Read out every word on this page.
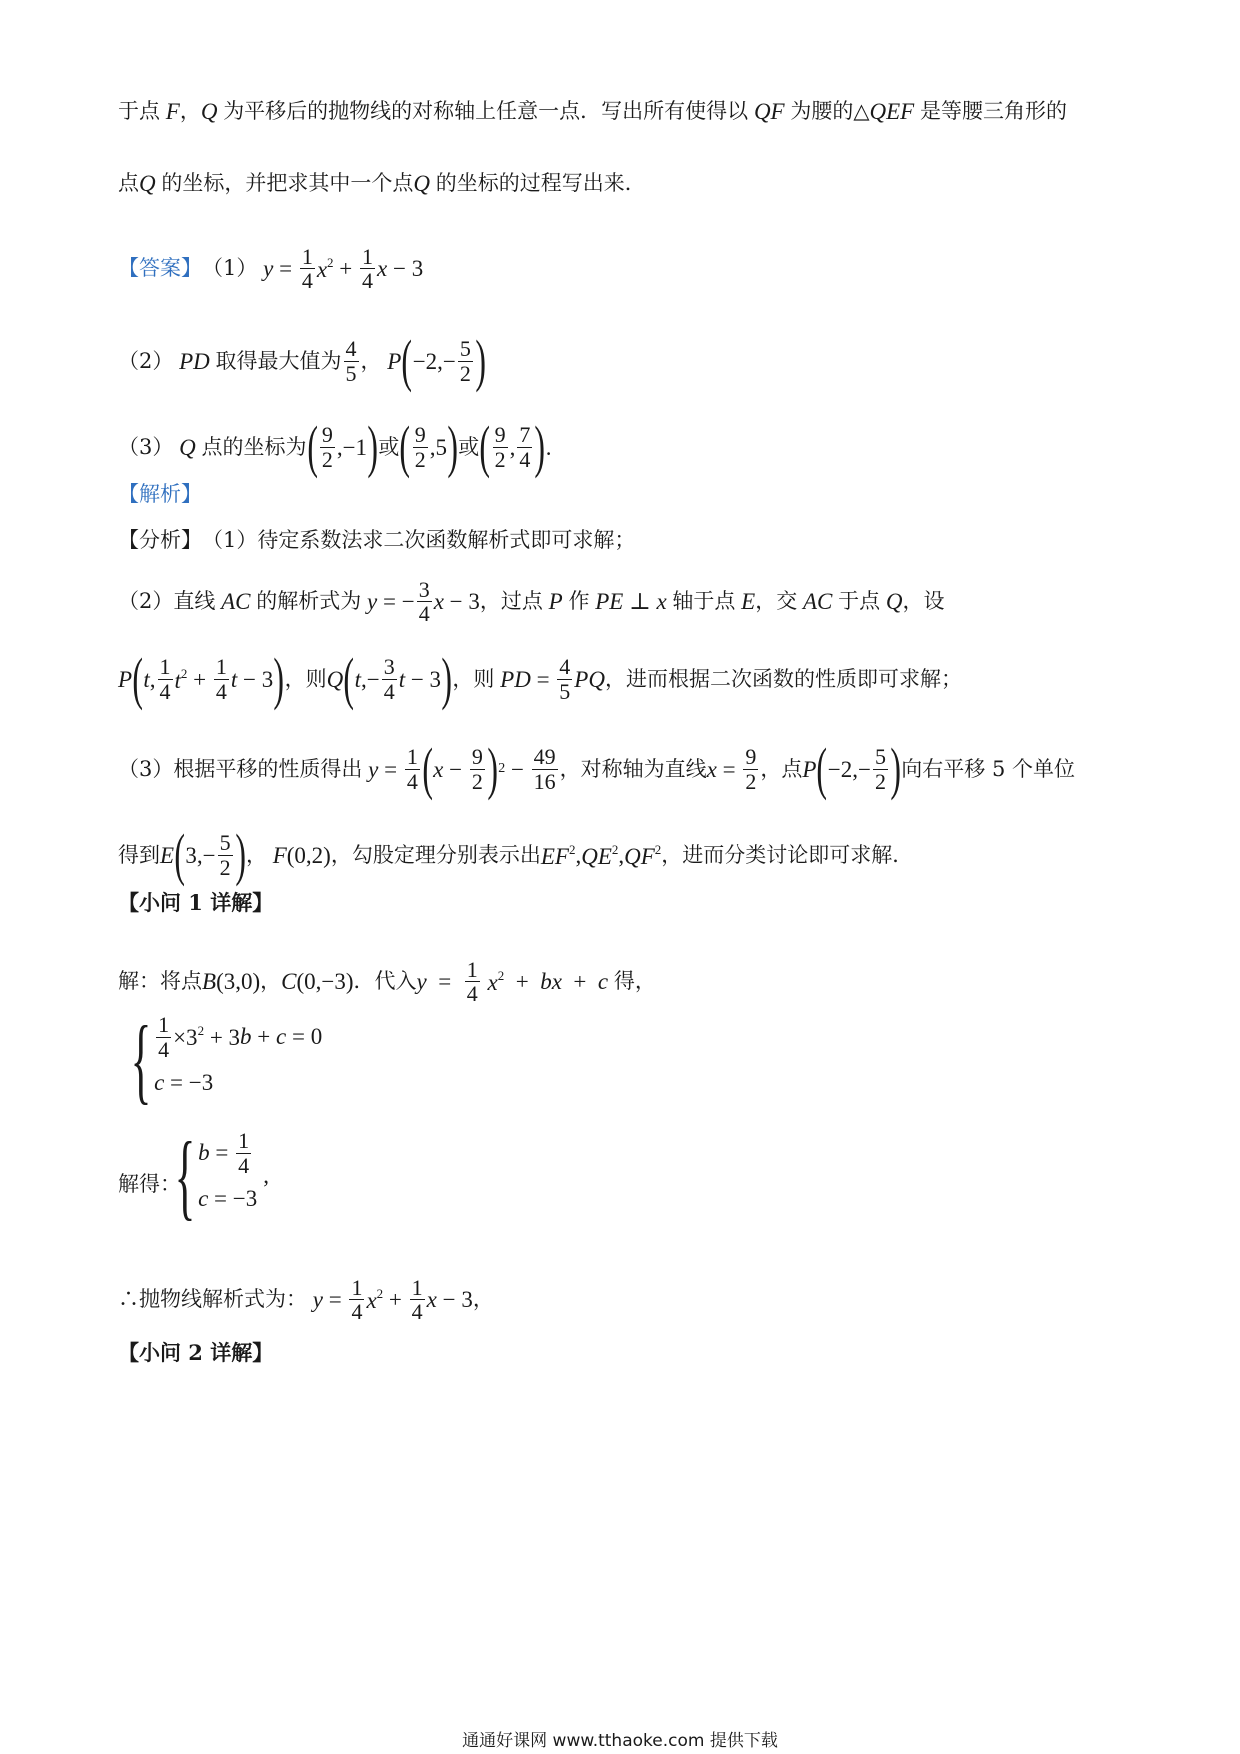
于点 F ， Q 为平移后的抛物线的对称轴上任意一点．写出所有使得以 QF 为腰的△ QEF 是等腰三角形的
点 Q 的坐标，并把求其中一个点 Q 的坐标的过程写出来．
【答案】 （1） $y = \frac{1}{4} x^2 + \frac{1}{4}$ x − 3
（2） PD 取得最大值为 $\frac{4}{5}$ ， P ( $-2,- \frac{5}{2}$ )
（3） Q 点的坐标为 ( $\frac{9}{2} ,-1$ ) 或 ( $\frac{9}{2} ,5$ ) 或 ( $\frac{9}{2}$ , $\frac{7}{4}$ ) .
【解析】
【分析】 （1）待定系数法求二次函数解析式即可求解；
（2）直线 AC 的解析式为 y = − $\frac{3}{4}$ x − 3 ，过点 P 作 PE ⊥ x 轴于点 E ，交 AC 于点 Q ，设
P ( t , $\frac{1}{4} t^2 + \frac{1}{4}$ t − 3 ) ，则 Q ( t ,− $\frac{3}{4}$ t − 3 ) ，则 PD = $\frac{4}{5}$ PQ ，进而根据二次函数的性质即可求解；
（3）根据平移的性质得出 $y = \frac{1}{4}$ ( $x - \frac{9}{2}$ ) $2 - \frac{49}{16}$ ，对称轴为直线 $x = \frac{9}{2}$ ，点 P ( $-2,- \frac{5}{2}$ ) 向右平移 5 个单位
得到 E ( $3,- \frac{5}{2}$ ) ， F (0,2) ，勾股定理分别表示出 $EF^2$ , $QE^2$ , $QF^2$ ，进而分类讨论即可求解．
【小问 1 详解】
解：将点 B (3,0) ， C (0,−3) ．代入 $y = \frac{1}{4} x^2$ + bx + c 得，
{ $\frac{1}{4} \times 3^2 + 3$ b + c = 0
c = −3
解得：
{ $b = \frac{1}{4}$
c = −3
,
∴抛物线解析式为： $y = \frac{1}{4} x^2 + \frac{1}{4}$ x − 3 ，
【小问 2 详解】
通通好课网 www.tthaoke.com 提供下载
